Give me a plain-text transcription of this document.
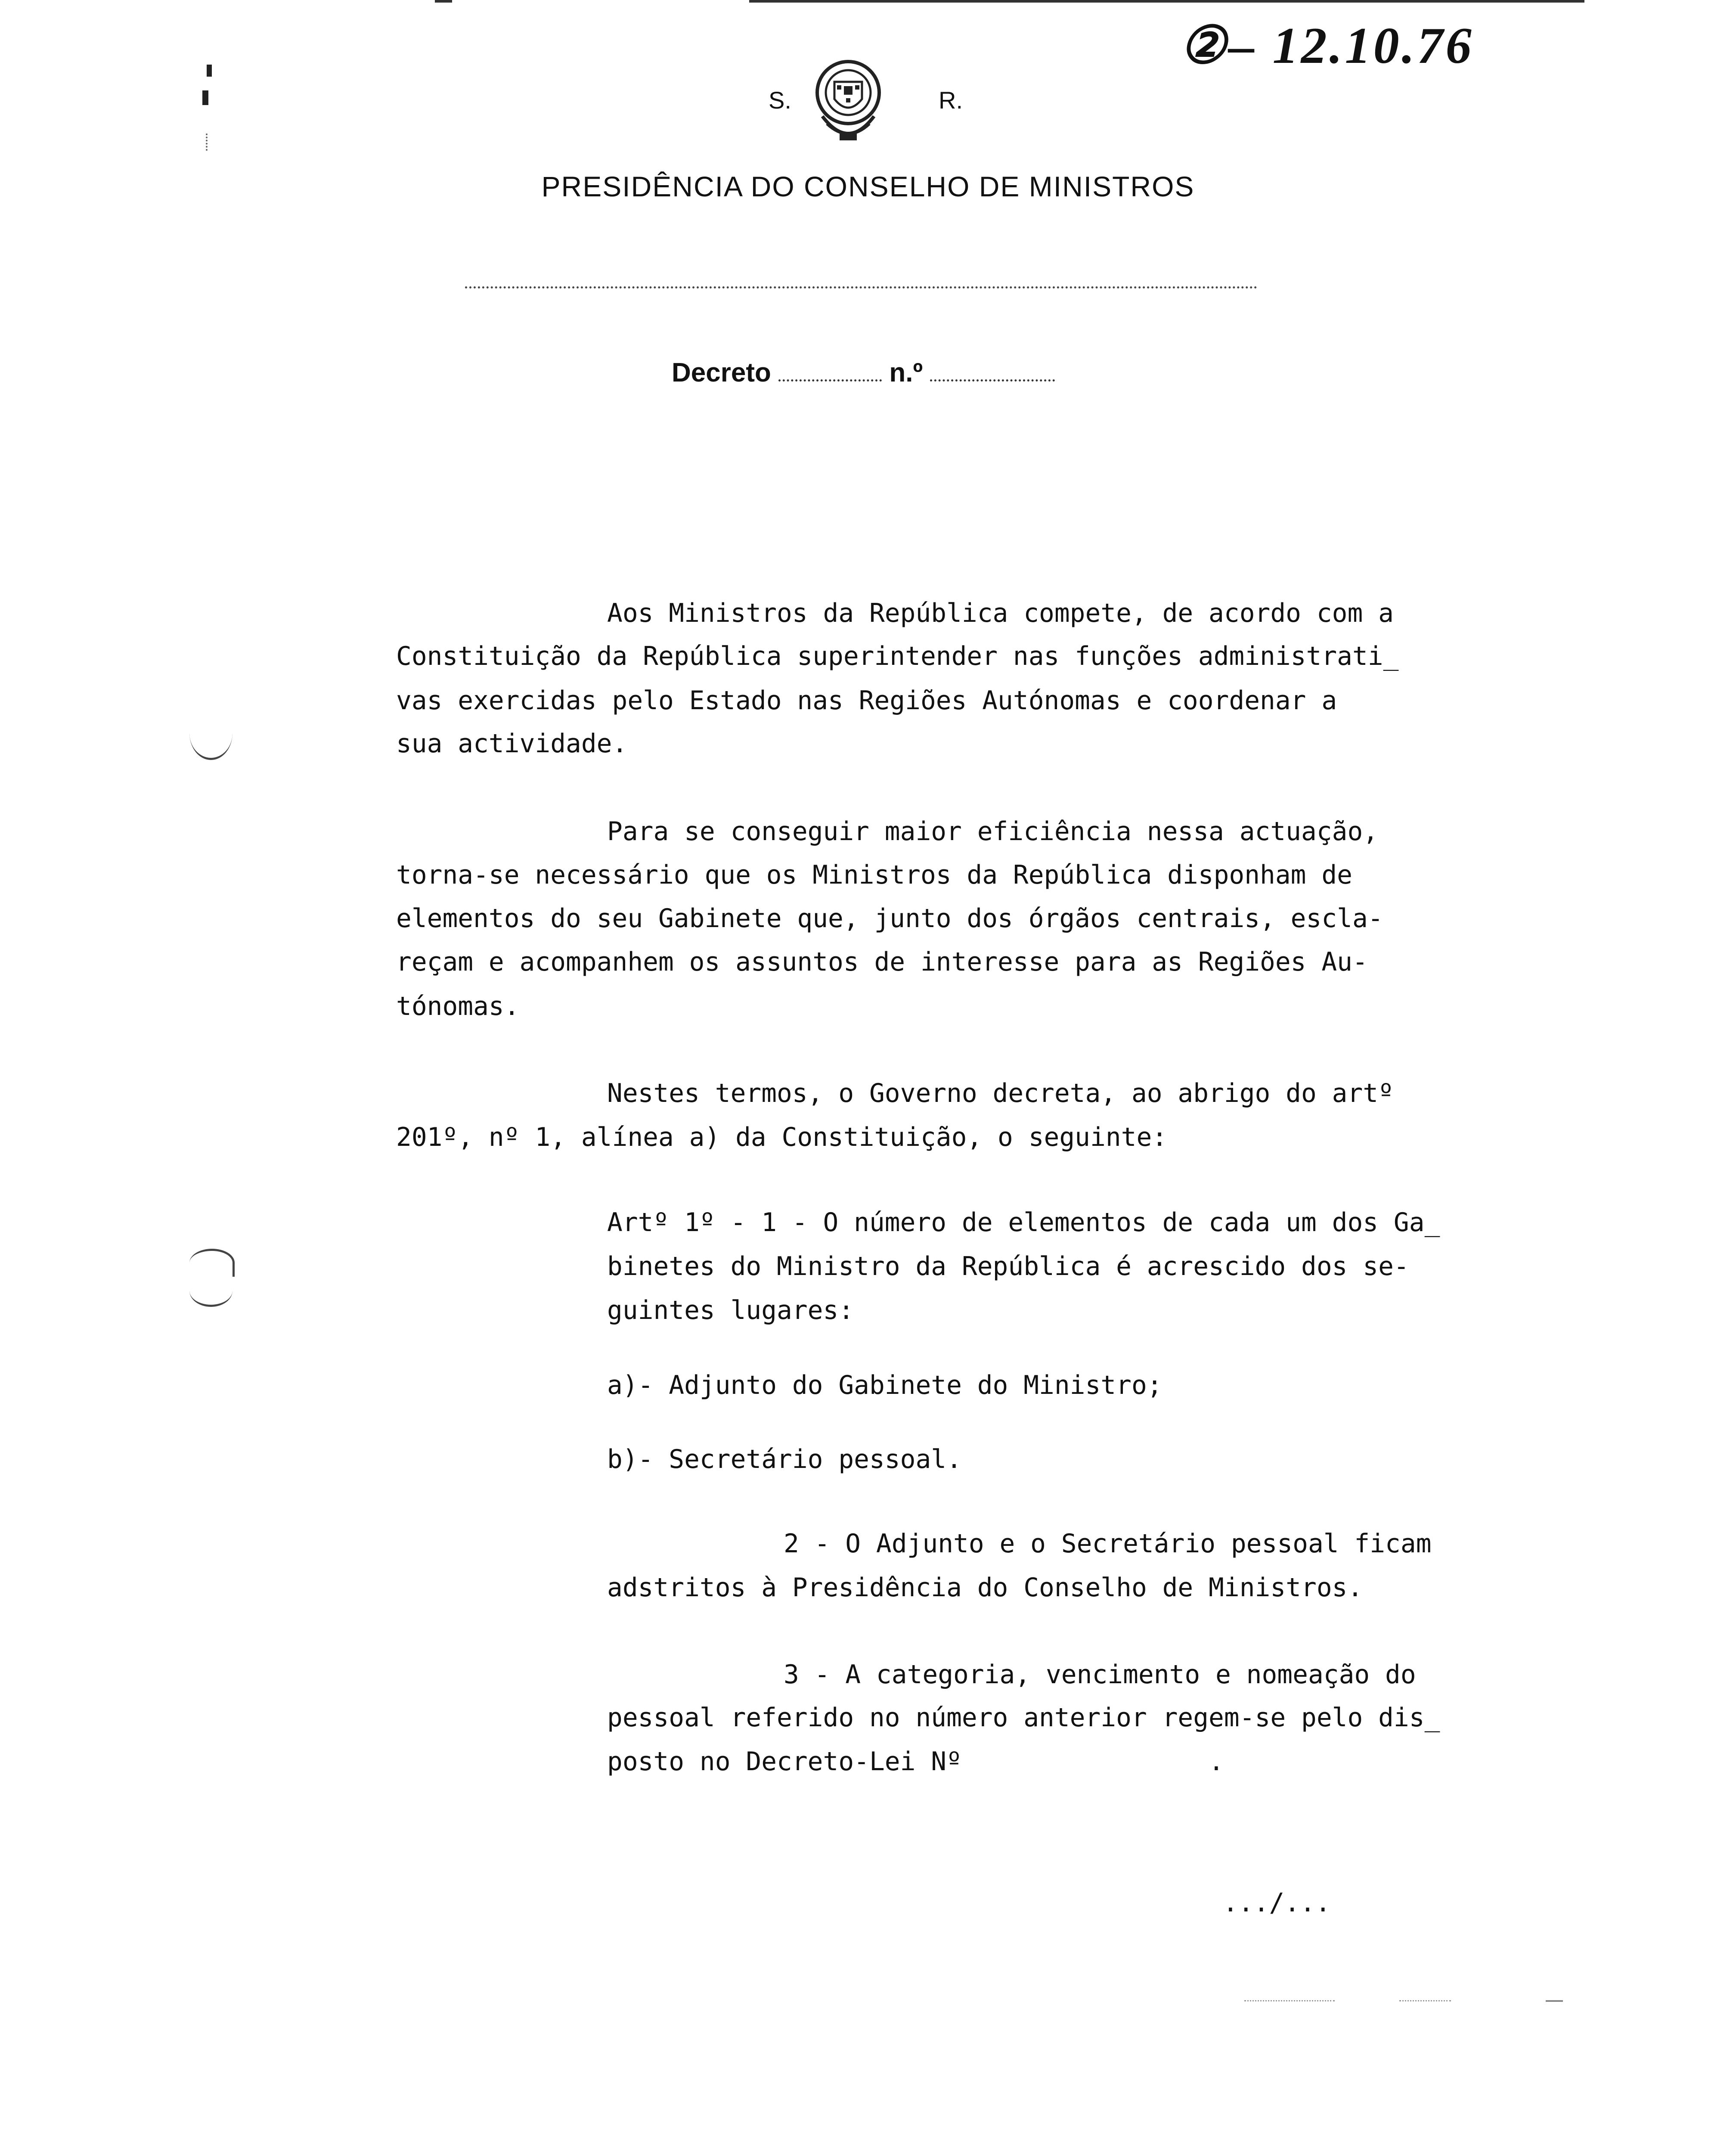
②– 12.10.76
S.	R.
PRESIDÊNCIA DO CONSELHO DE MINISTROS
Decreto	n.º
Aos Ministros da República compete, de acordo com a
Constituição da República superintender nas funções administrati_
vas exercidas pelo Estado nas Regiões Autónomas e coordenar a
sua actividade.
Para se conseguir maior eficiência nessa actuação,
torna-se necessário que os Ministros da República disponham de
elementos do seu Gabinete que, junto dos órgãos centrais, escla-
reçam e acompanhem os assuntos de interesse para as Regiões Au-
tónomas.
Nestes termos, o Governo decreta, ao abrigo do artº
201º, nº 1, alínea a) da Constituição, o seguinte:
Artº 1º - 1 - O número de elementos de cada um dos Ga_
binetes do Ministro da República é acrescido dos se-
guintes lugares:
a)- Adjunto do Gabinete do Ministro;
b)- Secretário pessoal.
2 - O Adjunto e o Secretário pessoal ficam
adstritos à Presidência do Conselho de Ministros.
3 - A categoria, vencimento e nomeação do
pessoal referido no número anterior regem-se pelo dis_
posto no Decreto-Lei Nº                .
.../...
